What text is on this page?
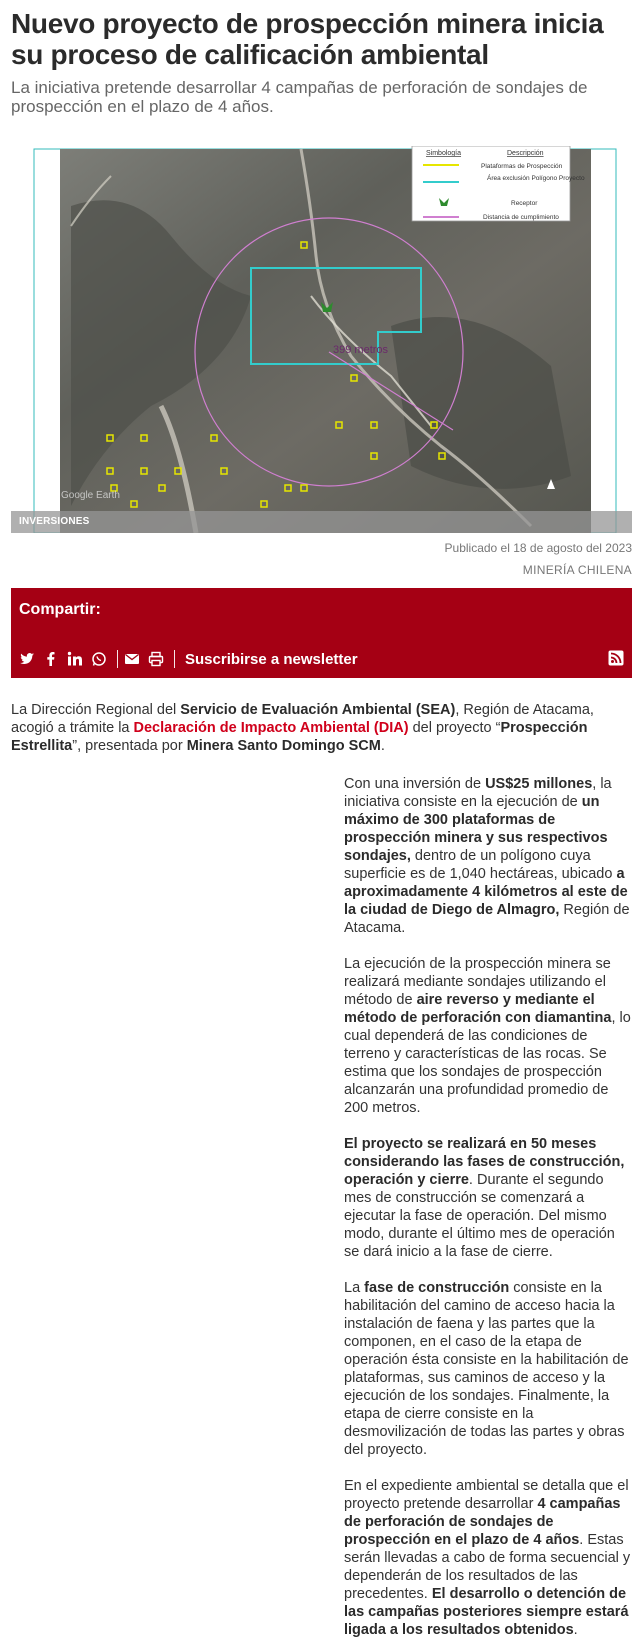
Nuevo proyecto de prospección minera inicia su proceso de calificación ambiental

La iniciativa pretende desarrollar 4 campañas de perforación de sondajes de prospección en el plazo de 4 años.

399 metros
Simbología	Descripción
Plataformas de Prospección
Área exclusión Polígono Proyecto
Receptor
Distancia de cumplimiento
Google Earth
INVERSIONES
Publicado el 18 de agosto del 2023
MINERÍA CHILENA
Compartir:
Suscribirse a newsletter

La Dirección Regional del Servicio de Evaluación Ambiental (SEA), Región de Atacama, acogió a trámite la Declaración de Impacto Ambiental (DIA) del proyecto “Prospección Estrellita”, presentada por Minera Santo Domingo SCM.

Con una inversión de US$25 millones, la iniciativa consiste en la ejecución de un máximo de 300 plataformas de prospección minera y sus respectivos sondajes, dentro de un polígono cuya superficie es de 1,040 hectáreas, ubicado a aproximadamente 4 kilómetros al este de la ciudad de Diego de Almagro, Región de Atacama.

La ejecución de la prospección minera se realizará mediante sondajes utilizando el método de aire reverso y mediante el método de perforación con diamantina, lo cual dependerá de las condiciones de terreno y características de las rocas. Se estima que los sondajes de prospección alcanzarán una profundidad promedio de 200 metros.

El proyecto se realizará en 50 meses considerando las fases de construcción, operación y cierre. Durante el segundo mes de construcción se comenzará a ejecutar la fase de operación. Del mismo modo, durante el último mes de operación se dará inicio a la fase de cierre.

La fase de construcción consiste en la habilitación del camino de acceso hacia la instalación de faena y las partes que la componen, en el caso de la etapa de operación ésta consiste en la habilitación de plataformas, sus caminos de acceso y la ejecución de los sondajes. Finalmente, la etapa de cierre consiste en la desmovilización de todas las partes y obras del proyecto.

En el expediente ambiental se detalla que el proyecto pretende desarrollar 4 campañas de perforación de sondajes de prospección en el plazo de 4 años. Estas serán llevadas a cabo de forma secuencial y dependerán de los resultados de las precedentes. El desarrollo o detención de las campañas posteriores siempre estará ligada a los resultados obtenidos.
